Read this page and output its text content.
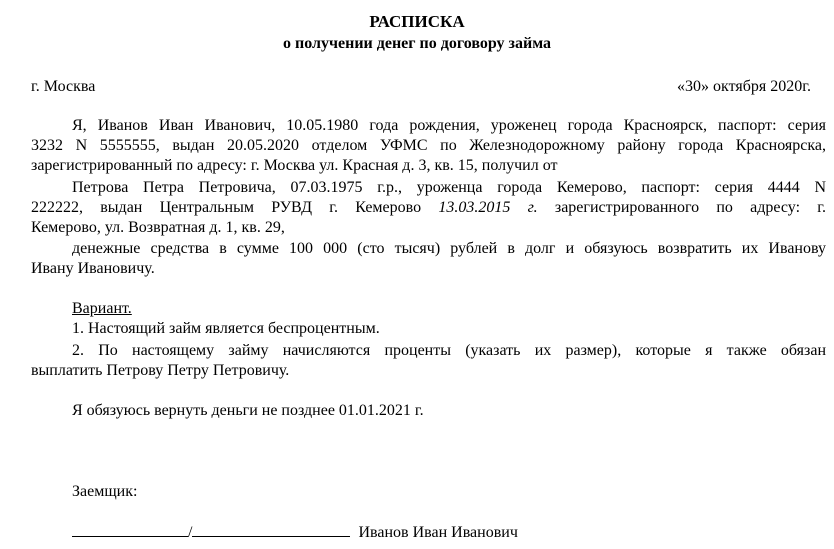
РАСПИСКА
о получении денег по договору займа
г. Москва	«30» октября 2020г.
Я, Иванов Иван Иванович, 10.05.1980 года рождения, уроженец города Красноярск, паспорт: серия
3232 N 5555555, выдан 20.05.2020 отделом УФМС по Железнодорожному району города Красноярска,
зарегистрированный по адресу: г. Москва ул. Красная д. 3, кв. 15, получил от
Петрова Петра Петровича, 07.03.1975 г.р., уроженца города Кемерово, паспорт: серия 4444 N
222222, выдан Центральным РУВД г. Кемерово 13.03.2015 г. зарегистрированного по адресу: г.
Кемерово, ул. Возвратная д. 1, кв. 29,
денежные средства в сумме 100 000 (сто тысяч) рублей в долг и обязуюсь возвратить их Иванову
Ивану Ивановичу.
Вариант.
1. Настоящий займ является беспроцентным.
2. По настоящему займу начисляются проценты (указать их размер), которые я также обязан
выплатить Петрову Петру Петровичу.
Я обязуюсь вернуть деньги не позднее 01.01.2021 г.
Заемщик:
/	Иванов Иван Иванович
